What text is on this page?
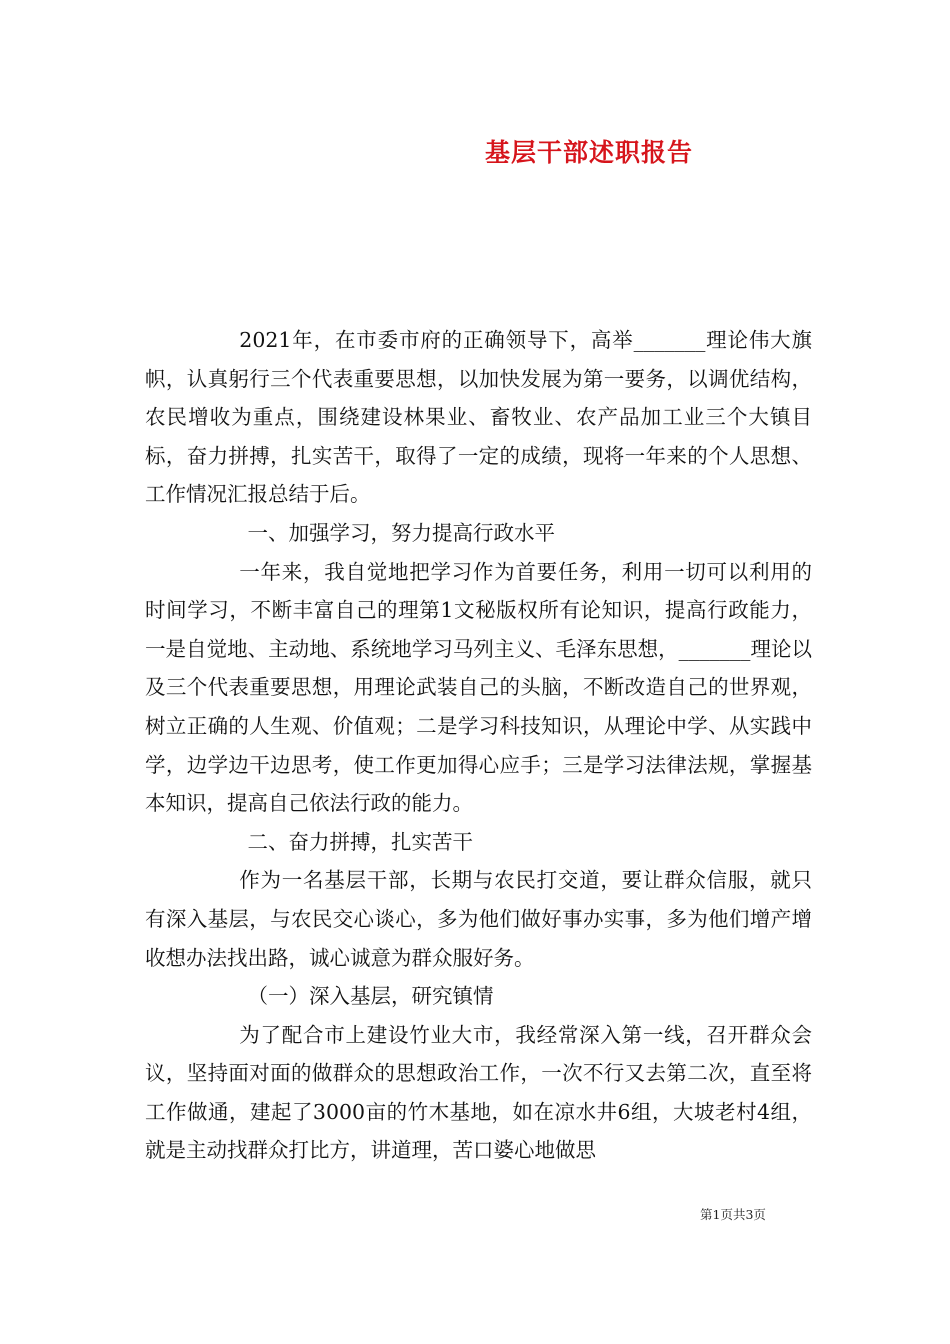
基层干部述职报告

2021年，在市委市府的正确领导下，高举_______理论伟大旗帜，认真躬行三个代表重要思想，以加快发展为第一要务，以调优结构，农民增收为重点，围绕建设林果业、畜牧业、农产品加工业三个大镇目标，奋力拼搏，扎实苦干，取得了一定的成绩，现将一年来的个人思想、工作情况汇报总结于后。

一、加强学习，努力提高行政水平

一年来，我自觉地把学习作为首要任务，利用一切可以利用的时间学习，不断丰富自己的理第1文秘版权所有论知识，提高行政能力，一是自觉地、主动地、系统地学习马列主义、毛泽东思想，_______理论以及三个代表重要思想，用理论武装自己的头脑，不断改造自己的世界观，树立正确的人生观、价值观；二是学习科技知识，从理论中学、从实践中学，边学边干边思考，使工作更加得心应手；三是学习法律法规，掌握基本知识，提高自己依法行政的能力。

二、奋力拼搏，扎实苦干

作为一名基层干部，长期与农民打交道，要让群众信服，就只有深入基层，与农民交心谈心，多为他们做好事办实事，多为他们增产增收想办法找出路，诚心诚意为群众服好务。

（一）深入基层，研究镇情

为了配合市上建设竹业大市，我经常深入第一线，召开群众会议，坚持面对面的做群众的思想政治工作，一次不行又去第二次，直至将工作做通，建起了3000亩的竹木基地，如在凉水井6组，大坡老村4组，就是主动找群众打比方，讲道理，苦口婆心地做思

第1页共3页
